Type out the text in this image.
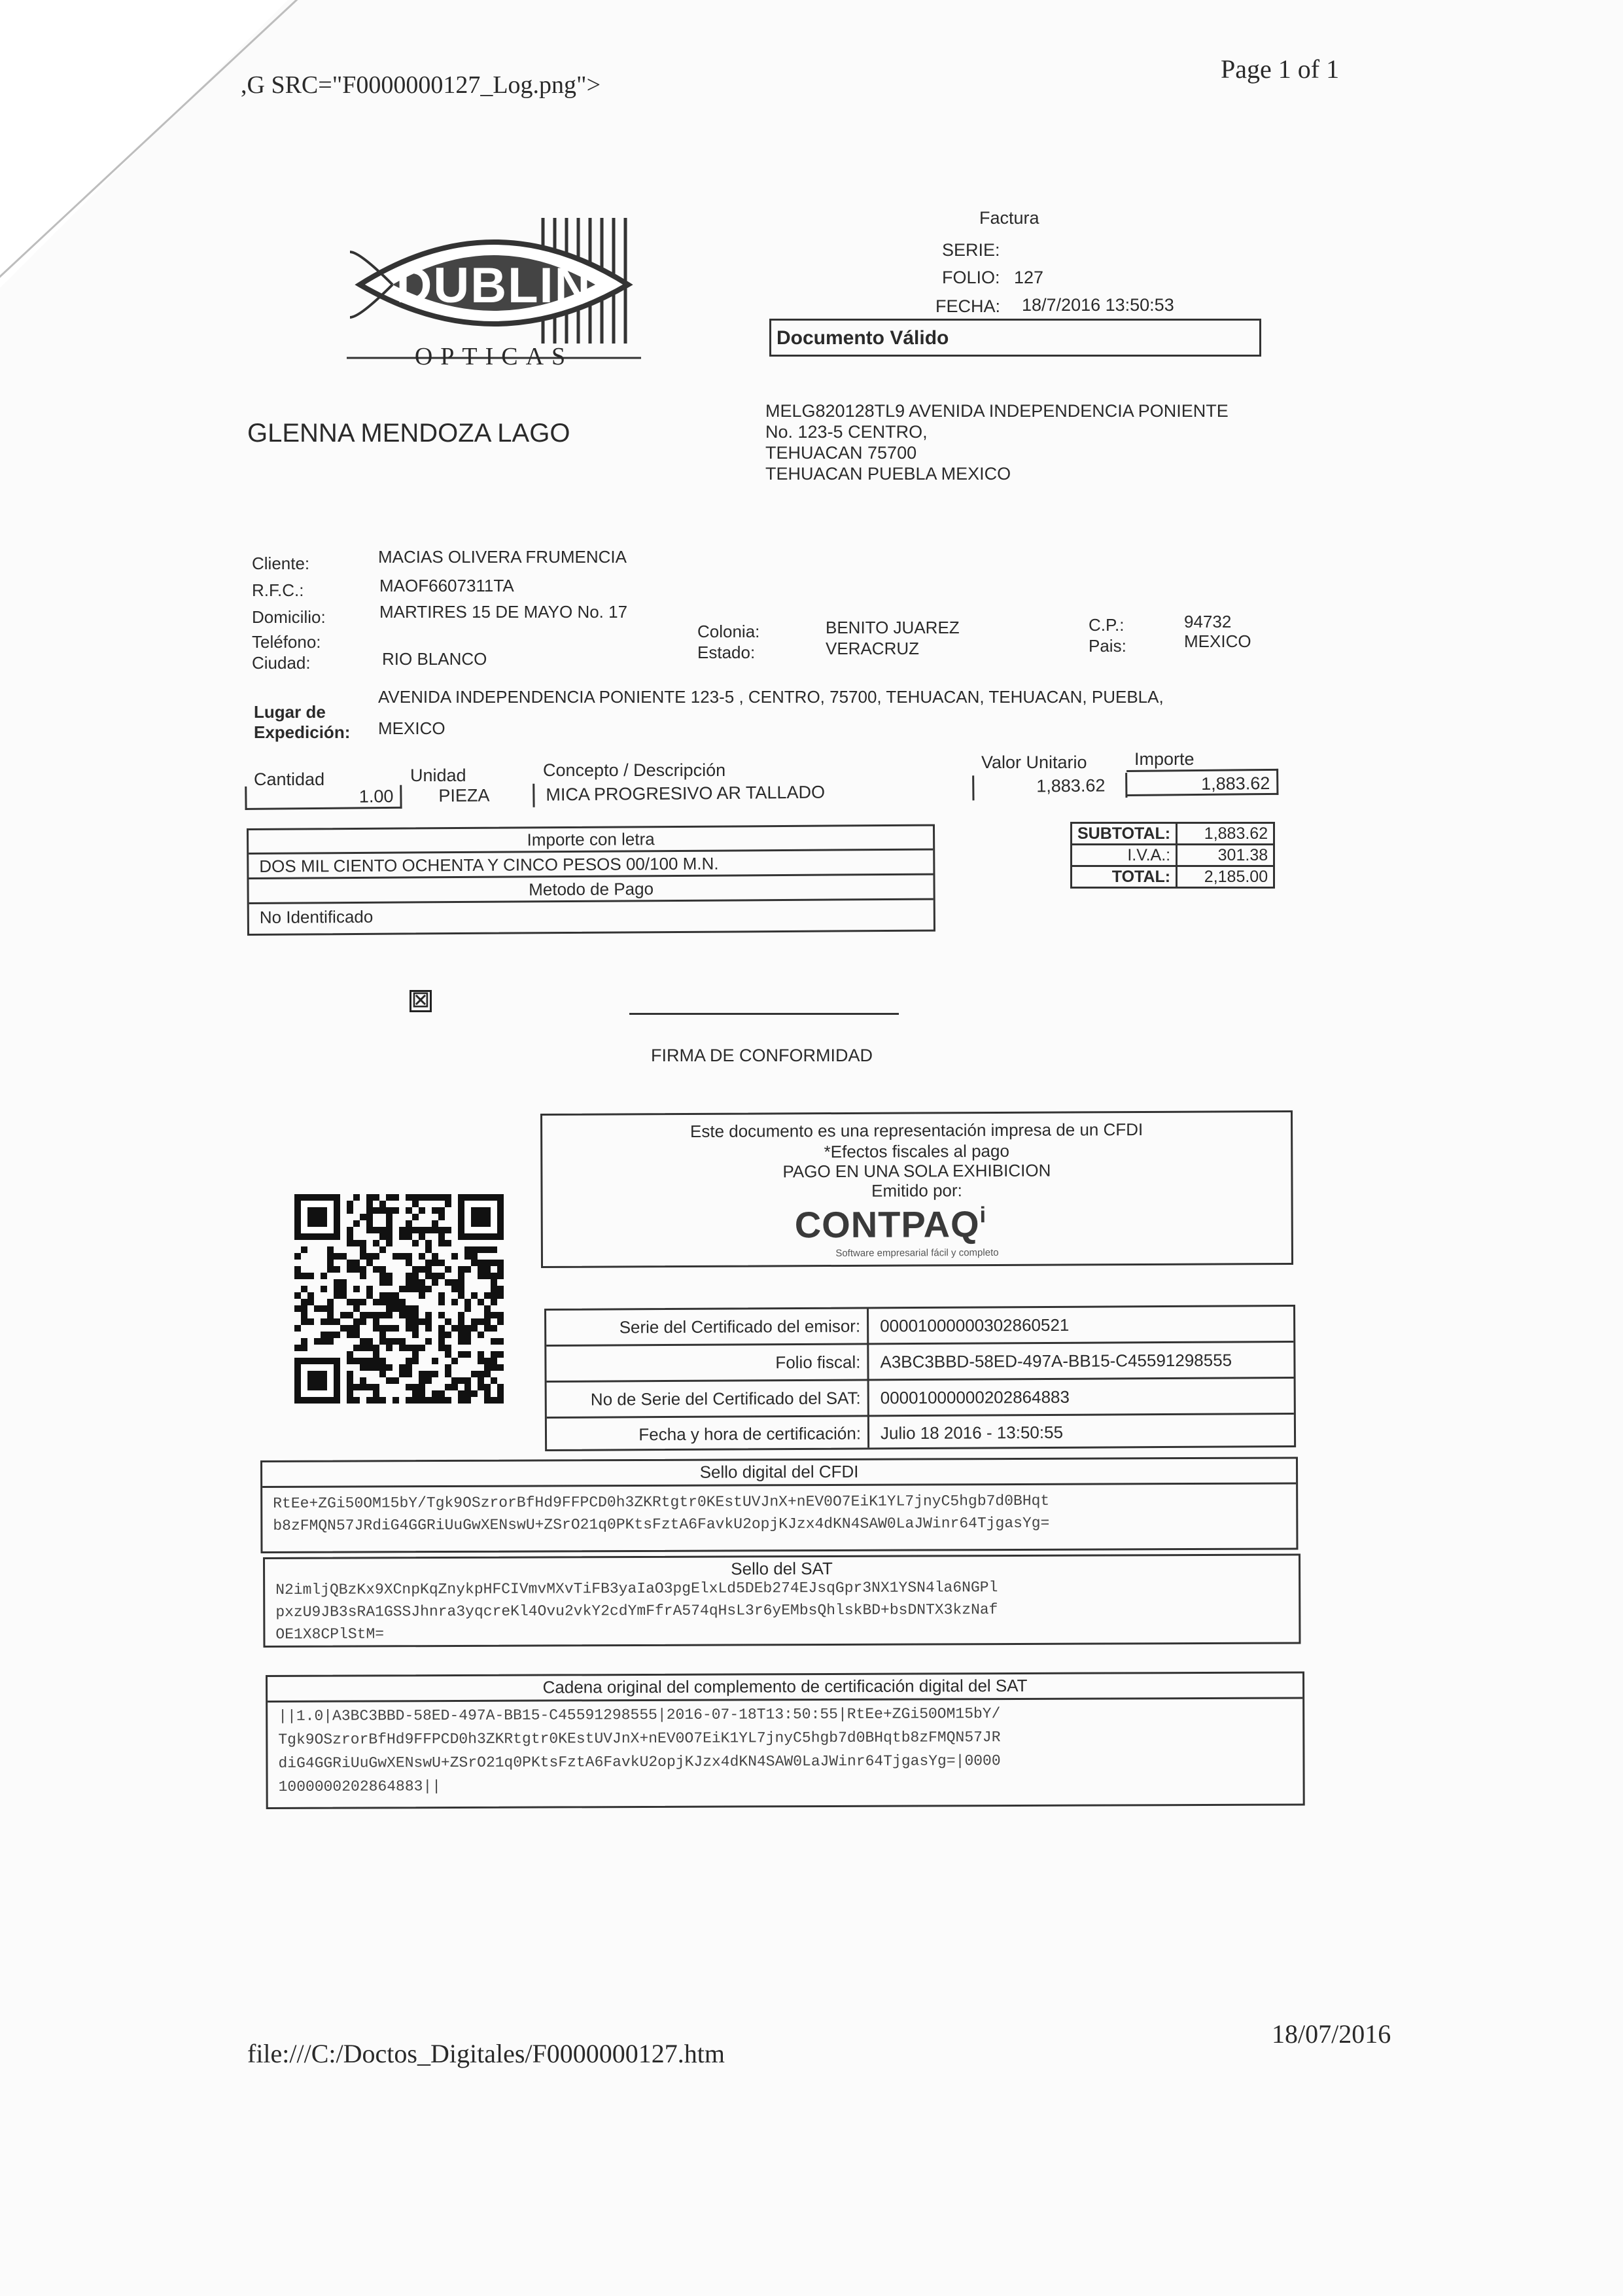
,G SRC="F0000000127_Log.png">
Page 1 of 1
DUBLIN
OPTICAS
Factura
SERIE:
FOLIO: 127
FECHA: 18/7/2016 13:50:53
Documento Válido
GLENNA MENDOZA LAGO
MELG820128TL9 AVENIDA INDEPENDENCIA PONIENTE
No. 123-5 CENTRO,
TEHUACAN 75700
TEHUACAN PUEBLA MEXICO
Cliente:	MACIAS OLIVERA FRUMENCIA
R.F.C.:	MAOF6607311TA
Domicilio:	MARTIRES 15 DE MAYO No. 17
Teléfono:
Ciudad:	RIO BLANCO
Colonia:	BENITO JUAREZ
Estado:	VERACRUZ
C.P.:	94732
Pais:	MEXICO
Lugar de
Expedición:
AVENIDA INDEPENDENCIA PONIENTE 123-5 , CENTRO, 75700, TEHUACAN, TEHUACAN, PUEBLA,
MEXICO
Cantidad	Unidad	Concepto / Descripción	Valor Unitario	Importe
1.00	PIEZA	MICA PROGRESIVO AR TALLADO	1,883.62	1,883.62
Importe con letra
DOS MIL CIENTO OCHENTA Y CINCO PESOS 00/100 M.N.
Metodo de Pago
No Identificado
SUBTOTAL:	1,883.62
I.V.A.:	301.38
TOTAL:	2,185.00
☒
FIRMA DE CONFORMIDAD
Este documento es una representación impresa de un CFDI
*Efectos fiscales al pago
PAGO EN UNA SOLA EXHIBICION
Emitido por:
CONTPAQ$^i$
Software empresarial fácil y completo
Serie del Certificado del emisor: 00001000000302860521
Folio fiscal: A3BC3BBD-58ED-497A-BB15-C45591298555
No de Serie del Certificado del SAT: 00001000000202864883
Fecha y hora de certificación: Julio 18 2016 - 13:50:55
Sello digital del CFDI
RtEe+ZGi50OM15bY/Tgk9OSzrorBfHd9FFPCD0h3ZKRtgtr0KEstUVJnX+nEV0O7EiK1YL7jnyC5hgb7d0BHqt
b8zFMQN57JRdiG4GGRiUuGwXENswU+ZSrO21q0PKtsFztA6FavkU2opjKJzx4dKN4SAW0LaJWinr64TjgasYg=
Sello del SAT
N2imljQBzKx9XCnpKqZnykpHFCIVmvMXvTiFB3yaIaO3pgElxLd5DEb274EJsqGpr3NX1YSN4la6NGPl
pxzU9JB3sRA1GSSJhnra3yqcreKl4Ovu2vkY2cdYmFfrA574qHsL3r6yEMbsQhlskBD+bsDNTX3kzNaf
OE1X8CPlStM=
Cadena original del complemento de certificación digital del SAT
||1.0|A3BC3BBD-58ED-497A-BB15-C45591298555|2016-07-18T13:50:55|RtEe+ZGi50OM15bY/
Tgk9OSzrorBfHd9FFPCD0h3ZKRtgtr0KEstUVJnX+nEV0O7EiK1YL7jnyC5hgb7d0BHqtb8zFMQN57JR
diG4GGRiUuGwXENswU+ZSrO21q0PKtsFztA6FavkU2opjKJzx4dKN4SAW0LaJWinr64TjgasYg=|0000
1000000202864883||
file:///C:/Doctos_Digitales/F0000000127.htm
18/07/2016
